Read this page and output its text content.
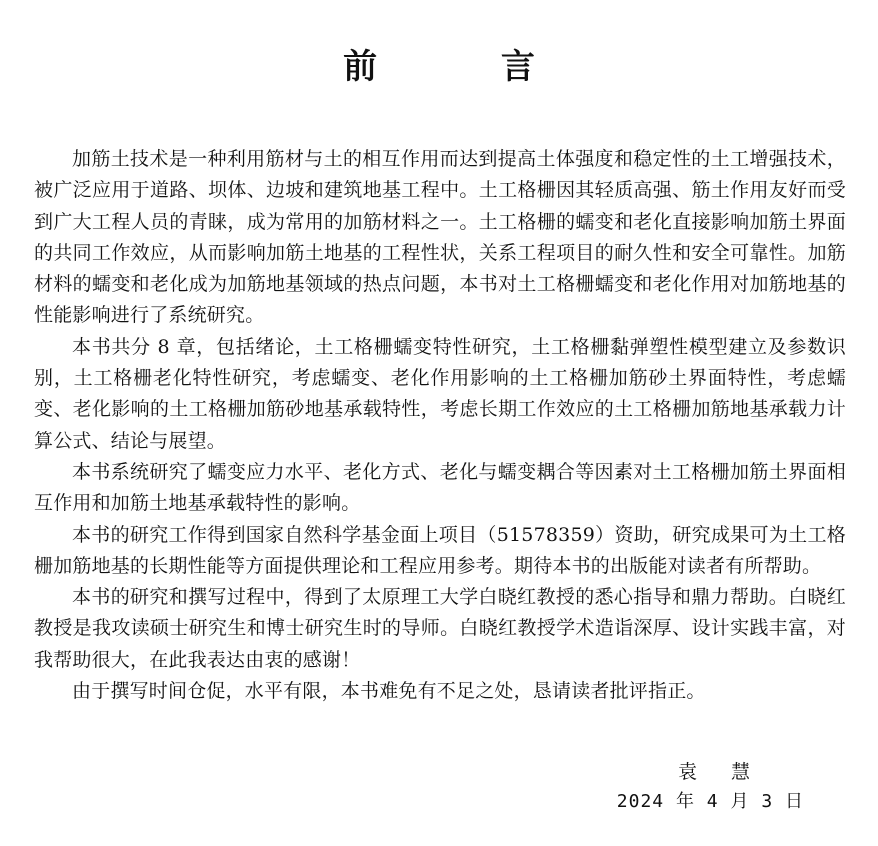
前 言

加筋土技术是一种利用筋材与土的相互作用而达到提高土体强度和稳定性的土工增强技术，被广泛应用于道路、坝体、边坡和建筑地基工程中。土工格栅因其轻质高强、筋土作用友好而受到广大工程人员的青睐，成为常用的加筋材料之一。土工格栅的蠕变和老化直接影响加筋土界面的共同工作效应，从而影响加筋土地基的工程性状，关系工程项目的耐久性和安全可靠性。加筋材料的蠕变和老化成为加筋地基领域的热点问题，本书对土工格栅蠕变和老化作用对加筋地基的性能影响进行了系统研究。

本书共分 8 章，包括绪论，土工格栅蠕变特性研究，土工格栅黏弹塑性模型建立及参数识别，土工格栅老化特性研究，考虑蠕变、老化作用影响的土工格栅加筋砂土界面特性，考虑蠕变、老化影响的土工格栅加筋砂地基承载特性，考虑长期工作效应的土工格栅加筋地基承载力计算公式、结论与展望。

本书系统研究了蠕变应力水平、老化方式、老化与蠕变耦合等因素对土工格栅加筋土界面相互作用和加筋土地基承载特性的影响。

本书的研究工作得到国家自然科学基金面上项目（51578359）资助，研究成果可为土工格栅加筋地基的长期性能等方面提供理论和工程应用参考。期待本书的出版能对读者有所帮助。

本书的研究和撰写过程中，得到了太原理工大学白晓红教授的悉心指导和鼎力帮助。白晓红教授是我攻读硕士研究生和博士研究生时的导师。白晓红教授学术造诣深厚、设计实践丰富，对我帮助很大，在此我表达由衷的感谢！

由于撰写时间仓促，水平有限，本书难免有不足之处，恳请读者批评指正。

袁 慧

2024 年 4 月 3 日
